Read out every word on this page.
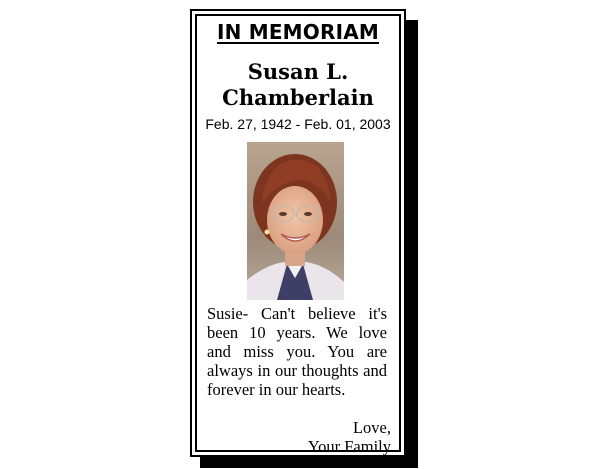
IN MEMORIAM
Susan L.
Chamberlain
Feb. 27, 1942 - Feb. 01, 2003
Susie- Can't believe it's been 10 years. We love and miss you. You are always in our thoughts and forever in our hearts.
Love,
Your Family
